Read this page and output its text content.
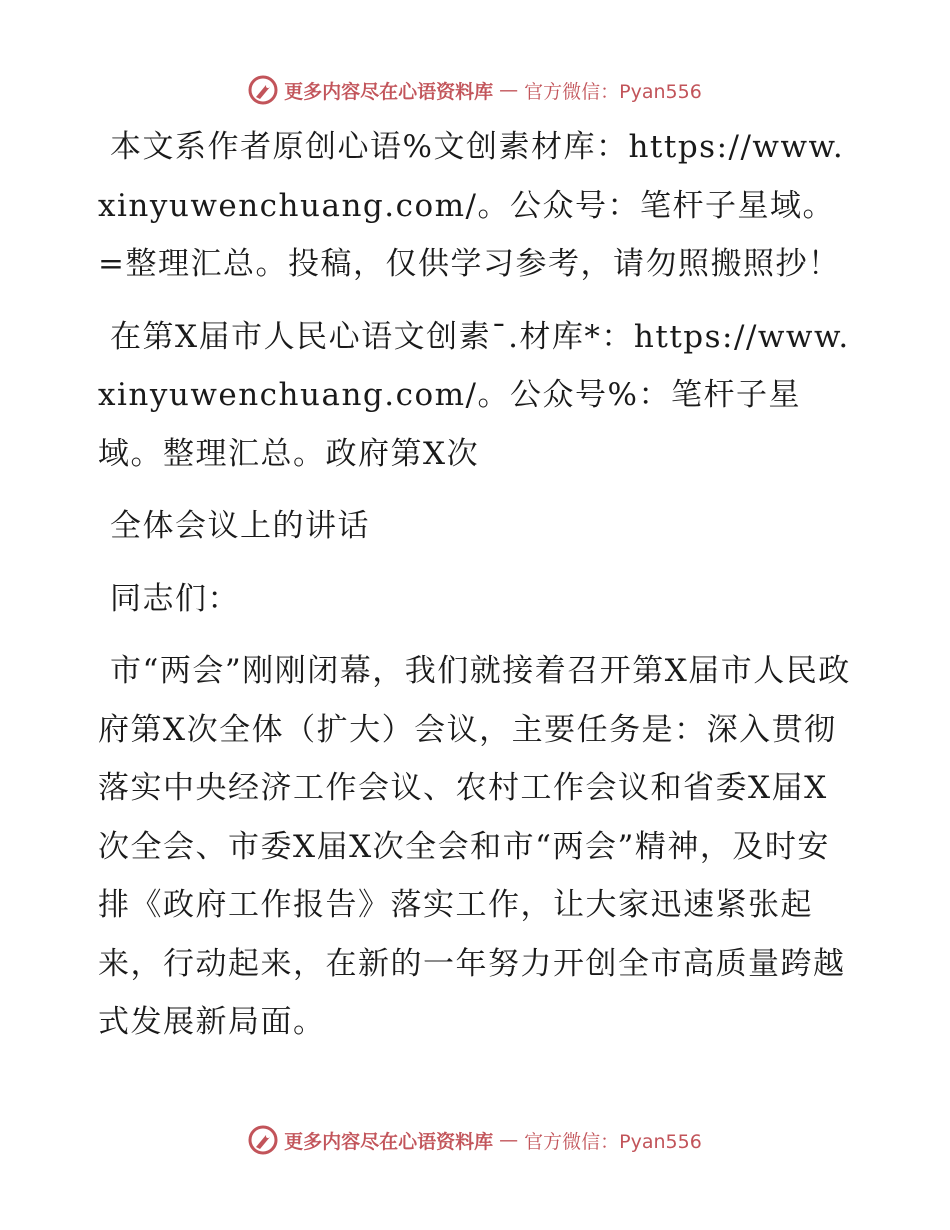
更多内容尽在心语资料库 — 官方微信：Pyan556

本文系作者原创心语%文创素材库：https://www.xinyuwenchuang.com/。公众号：笔杆子星域。=整理汇总。投稿，仅供学习参考，请勿照搬照抄！

在第X届市人民心语文创素¯.材库*：https://www.xinyuwenchuang.com/。公众号%：笔杆子星域。整理汇总。政府第X次

全体会议上的讲话

同志们：

市“两会”刚刚闭幕，我们就接着召开第X届市人民政府第X次全体（扩大）会议，主要任务是：深入贯彻落实中央经济工作会议、农村工作会议和省委X届X次全会、市委X届X次全会和市“两会”精神，及时安排《政府工作报告》落实工作，让大家迅速紧张起来，行动起来，在新的一年努力开创全市高质量跨越式发展新局面。

更多内容尽在心语资料库 — 官方微信：Pyan556
